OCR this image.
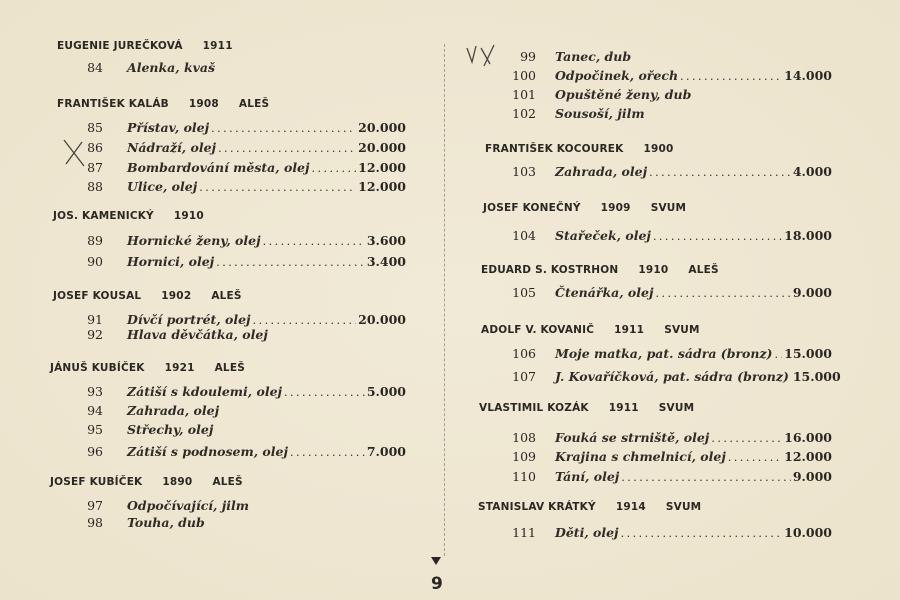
9
EUGENIE JUREČKOVÁ 1911
84 Alenka, kvaš
FRANTIŠEK KALÁB 1908 ALEŠ
85 Přístav, olej . . .	20.000
86 Nádraží, olej . . .	20.000
87 Bombardování města, olej . . .	12.000
88 Ulice, olej . . .	12.000
JOS. KAMENICKÝ 1910
89 Hornické ženy, olej . . .	3.600
90 Hornici, olej . . .	3.400
JOSEF KOUSAL 1902 ALEŠ
91 Dívčí portrét, olej . . .	20.000
92 Hlava děvčátka, olej
JÁNUŠ KUBÍČEK 1921 ALEŠ
93 Zátiší s kdoulemi, olej . . .	5.000
94 Zahrada, olej
95 Střechy, olej
96 Zátiší s podnosem, olej . . .	7.000
JOSEF KUBÍČEK 1890 ALEŠ
97 Odpočívající, jilm
98 Touha, dub
99 Tanec, dub
100 Odpočinek, ořech . . .	14.000
101 Opuštěné ženy, dub
102 Sousoší, jilm
FRANTIŠEK KOCOUREK 1900
103 Zahrada, olej . . .	4.000
JOSEF KONEČNÝ 1909 SVUM
104 Stařeček, olej . . .	18.000
EDUARD S. KOSTRHON 1910 ALEŠ
105 Čtenářka, olej . . .	9.000
ADOLF V. KOVANIČ 1911 SVUM
106 Moje matka, pat. sádra (bronz) . . . 15.000
107 J. Kovaříčková, pat. sádra (bronz) 15.000
VLASTIMIL KOZÁK 1911 SVUM
108 Fouká se strniště, olej . . .	16.000
109 Krajina s chmelnicí, olej . . .	12.000
110 Tání, olej . . .	9.000
STANISLAV KRÁTKÝ 1914 SVUM
111 Děti, olej . . .	10.000
